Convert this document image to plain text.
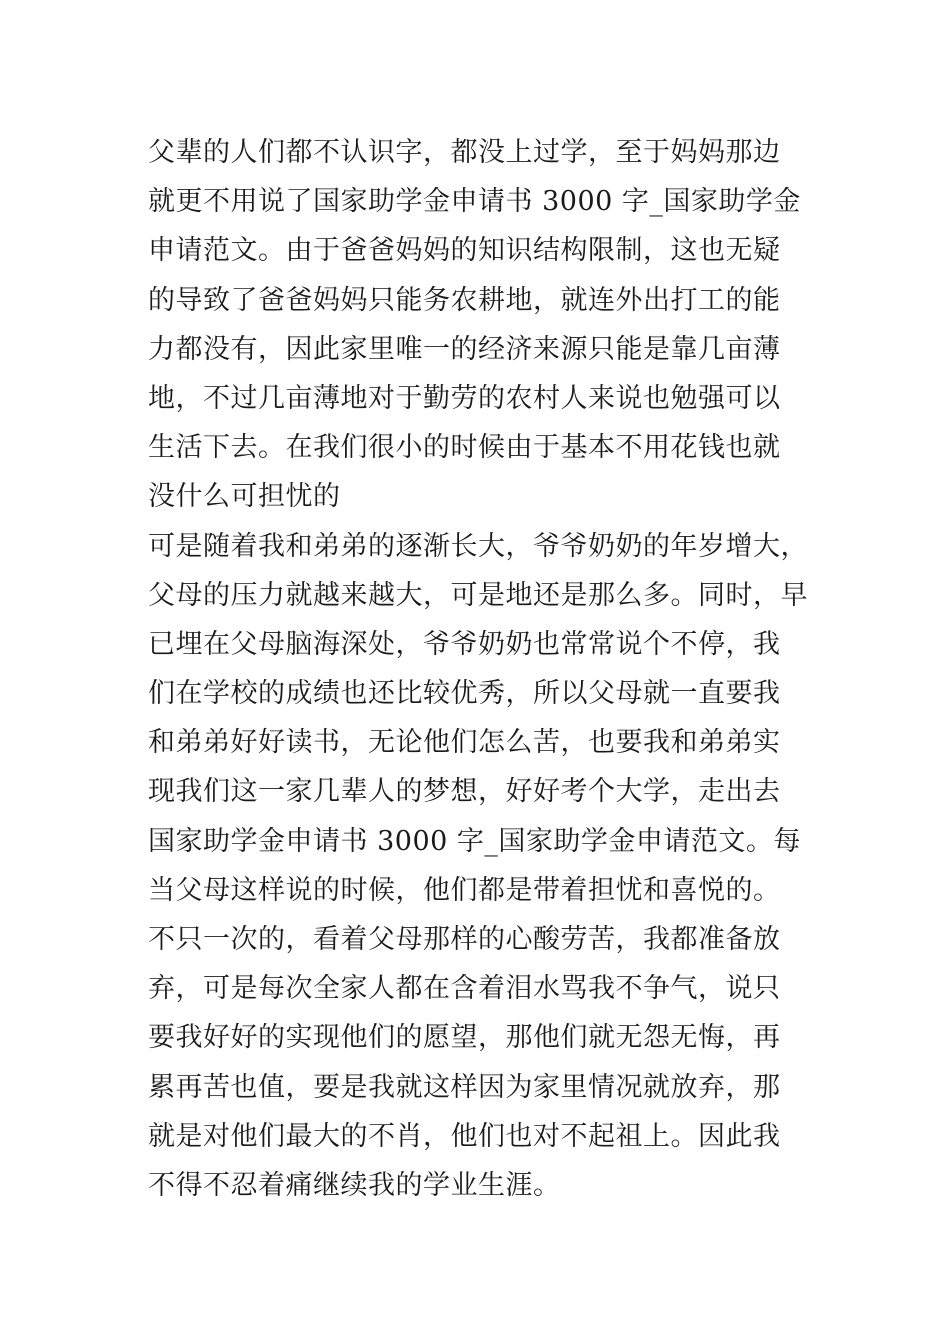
父辈的人们都不认识字，都没上过学，至于妈妈那边
就更不用说了国家助学金申请书 3000 字_国家助学金
申请范文。由于爸爸妈妈的知识结构限制，这也无疑
的导致了爸爸妈妈只能务农耕地，就连外出打工的能
力都没有，因此家里唯一的经济来源只能是靠几亩薄
地，不过几亩薄地对于勤劳的农村人来说也勉强可以
生活下去。在我们很小的时候由于基本不用花钱也就
没什么可担忧的
可是随着我和弟弟的逐渐长大，爷爷奶奶的年岁增大，
父母的压力就越来越大，可是地还是那么多。同时，早
已埋在父母脑海深处，爷爷奶奶也常常说个不停，我
们在学校的成绩也还比较优秀，所以父母就一直要我
和弟弟好好读书，无论他们怎么苦，也要我和弟弟实
现我们这一家几辈人的梦想，好好考个大学，走出去
国家助学金申请书 3000 字_国家助学金申请范文。每
当父母这样说的时候，他们都是带着担忧和喜悦的。
不只一次的，看着父母那样的心酸劳苦，我都准备放
弃，可是每次全家人都在含着泪水骂我不争气，说只
要我好好的实现他们的愿望，那他们就无怨无悔，再
累再苦也值，要是我就这样因为家里情况就放弃，那
就是对他们最大的不肖，他们也对不起祖上。因此我
不得不忍着痛继续我的学业生涯。
